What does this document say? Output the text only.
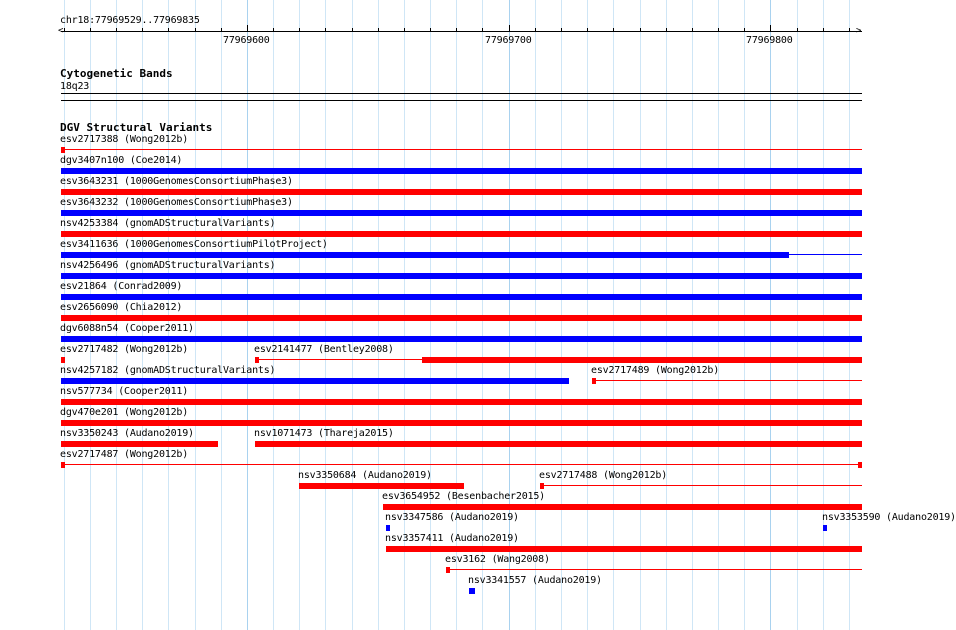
chr18:77969529..77969835
<	>
77969600	77969700	77969800
Cytogenetic Bands
18q23
DGV Structural Variants
esv2717388 (Wong2012b)
dgv3407n100 (Coe2014)
esv3643231 (1000GenomesConsortiumPhase3)
esv3643232 (1000GenomesConsortiumPhase3)
nsv4253384 (gnomADStructuralVariants)
esv3411636 (1000GenomesConsortiumPilotProject)
nsv4256496 (gnomADStructuralVariants)
esv21864 (Conrad2009)
esv2656090 (Chia2012)
dgv6088n54 (Cooper2011)
esv2717482 (Wong2012b)	esv2141477 (Bentley2008)
nsv4257182 (gnomADStructuralVariants)	esv2717489 (Wong2012b)
nsv577734 (Cooper2011)
dgv470e201 (Wong2012b)
nsv3350243 (Audano2019)	nsv1071473 (Thareja2015)
esv2717487 (Wong2012b)
nsv3350684 (Audano2019)	esv2717488 (Wong2012b)
esv3654952 (Besenbacher2015)
nsv3347586 (Audano2019)	nsv3353590 (Audano2019)
nsv3357411 (Audano2019)
esv3162 (Wang2008)
nsv3341557 (Audano2019)
